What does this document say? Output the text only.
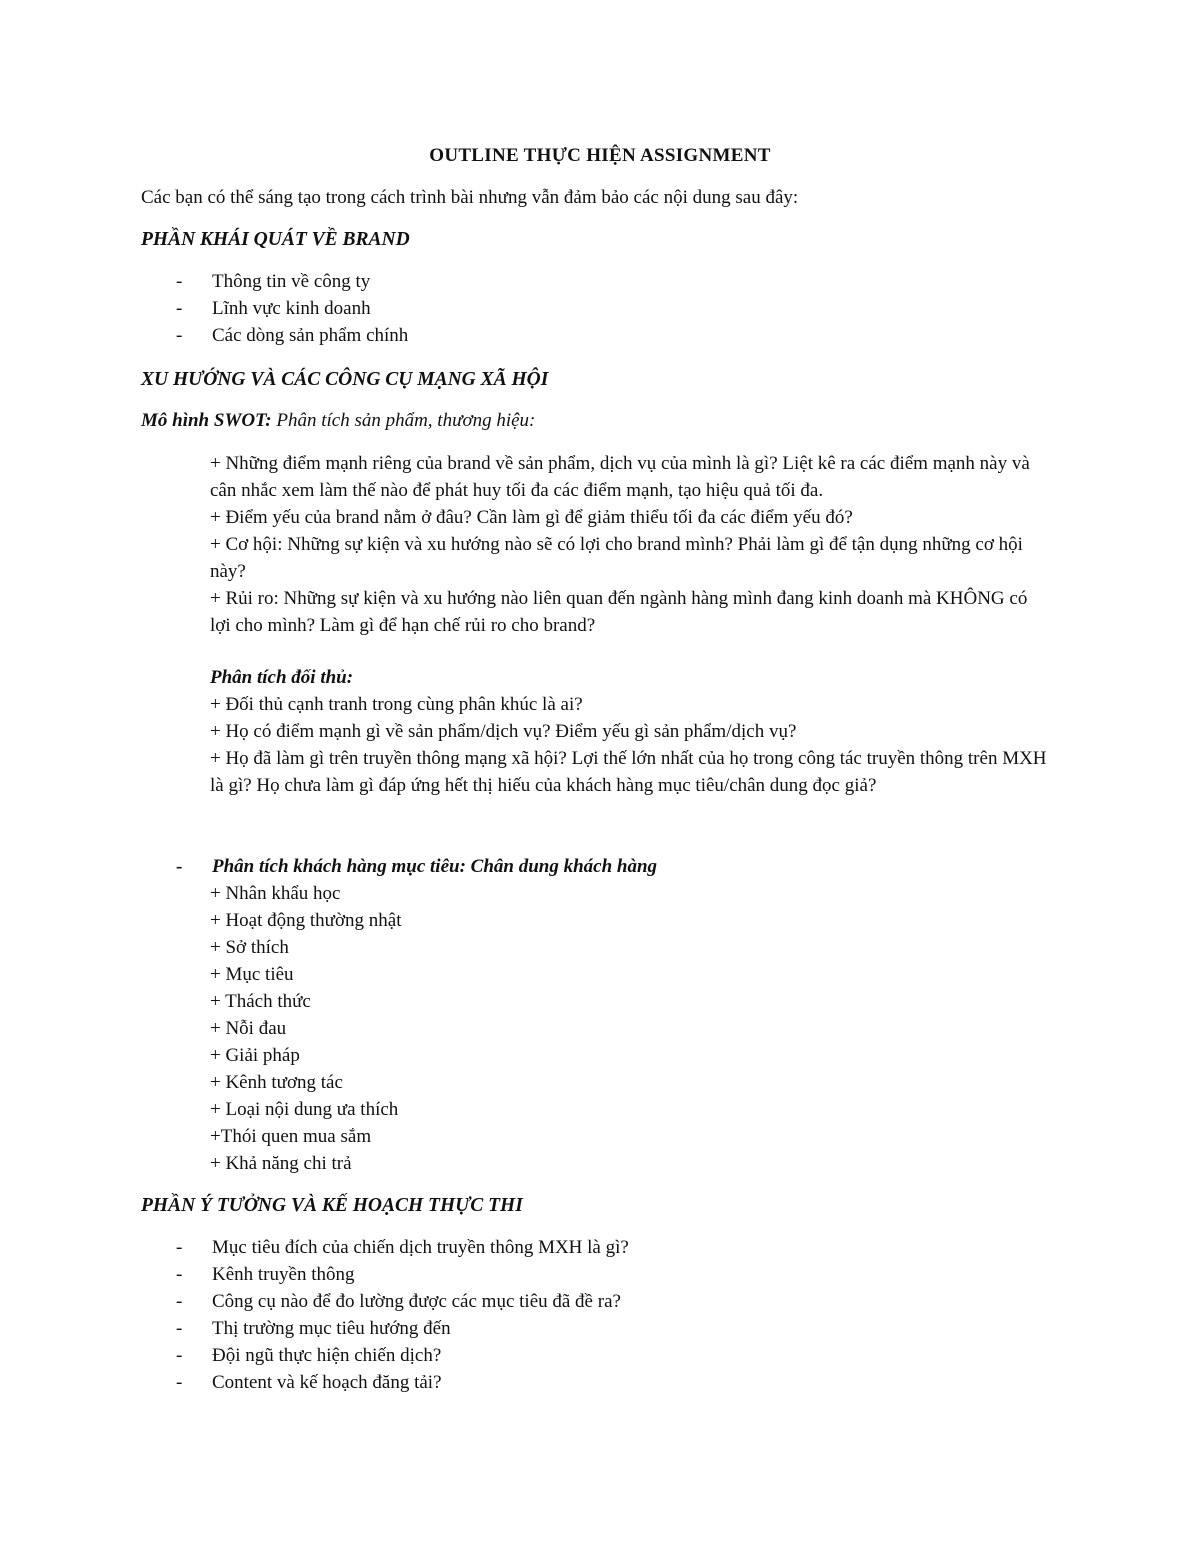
OUTLINE THỰC HIỆN ASSIGNMENT
Các bạn có thể sáng tạo trong cách trình bài nhưng vẫn đảm bảo các nội dung sau đây:
PHẦN KHÁI QUÁT VỀ BRAND
- Thông tin về công ty
- Lĩnh vực kinh doanh
- Các dòng sản phẩm chính
XU HƯỚNG VÀ CÁC CÔNG CỤ MẠNG XÃ HỘI
Mô hình SWOT: Phân tích sản phẩm, thương hiệu:

+ Những điểm mạnh riêng của brand về sản phẩm, dịch vụ của mình là gì? Liệt kê ra các điểm mạnh này và cân nhắc xem làm thế nào để phát huy tối đa các điểm mạnh, tạo hiệu quả tối đa.

+ Điểm yếu của brand nằm ở đâu? Cần làm gì để giảm thiểu tối đa các điểm yếu đó?

+ Cơ hội: Những sự kiện và xu hướng nào sẽ có lợi cho brand mình? Phải làm gì để tận dụng những cơ hội này?

+ Rủi ro: Những sự kiện và xu hướng nào liên quan đến ngành hàng mình đang kinh doanh mà KHÔNG có lợi cho mình? Làm gì để hạn chế rủi ro cho brand?

Phân tích đối thủ:

+ Đối thủ cạnh tranh trong cùng phân khúc là ai?

+ Họ có điểm mạnh gì về sản phẩm/dịch vụ? Điểm yếu gì sản phẩm/dịch vụ?

+ Họ đã làm gì trên truyền thông mạng xã hội? Lợi thế lớn nhất của họ trong công tác truyền thông trên MXH là gì? Họ chưa làm gì đáp ứng hết thị hiếu của khách hàng mục tiêu/chân dung đọc giả?

- Phân tích khách hàng mục tiêu: Chân dung khách hàng
+ Nhân khẩu học
+ Hoạt động thường nhật
+ Sở thích
+ Mục tiêu
+ Thách thức
+ Nỗi đau
+ Giải pháp
+ Kênh tương tác
+ Loại nội dung ưa thích
+Thói quen mua sắm
+ Khả năng chi trả
PHẦN Ý TƯỞNG VÀ KẾ HOẠCH THỰC THI
- Mục tiêu đích của chiến dịch truyền thông MXH là gì?
- Kênh truyền thông
- Công cụ nào để đo lường được các mục tiêu đã đề ra?
- Thị trường mục tiêu hướng đến
- Đội ngũ thực hiện chiến dịch?
- Content và kế hoạch đăng tải?
